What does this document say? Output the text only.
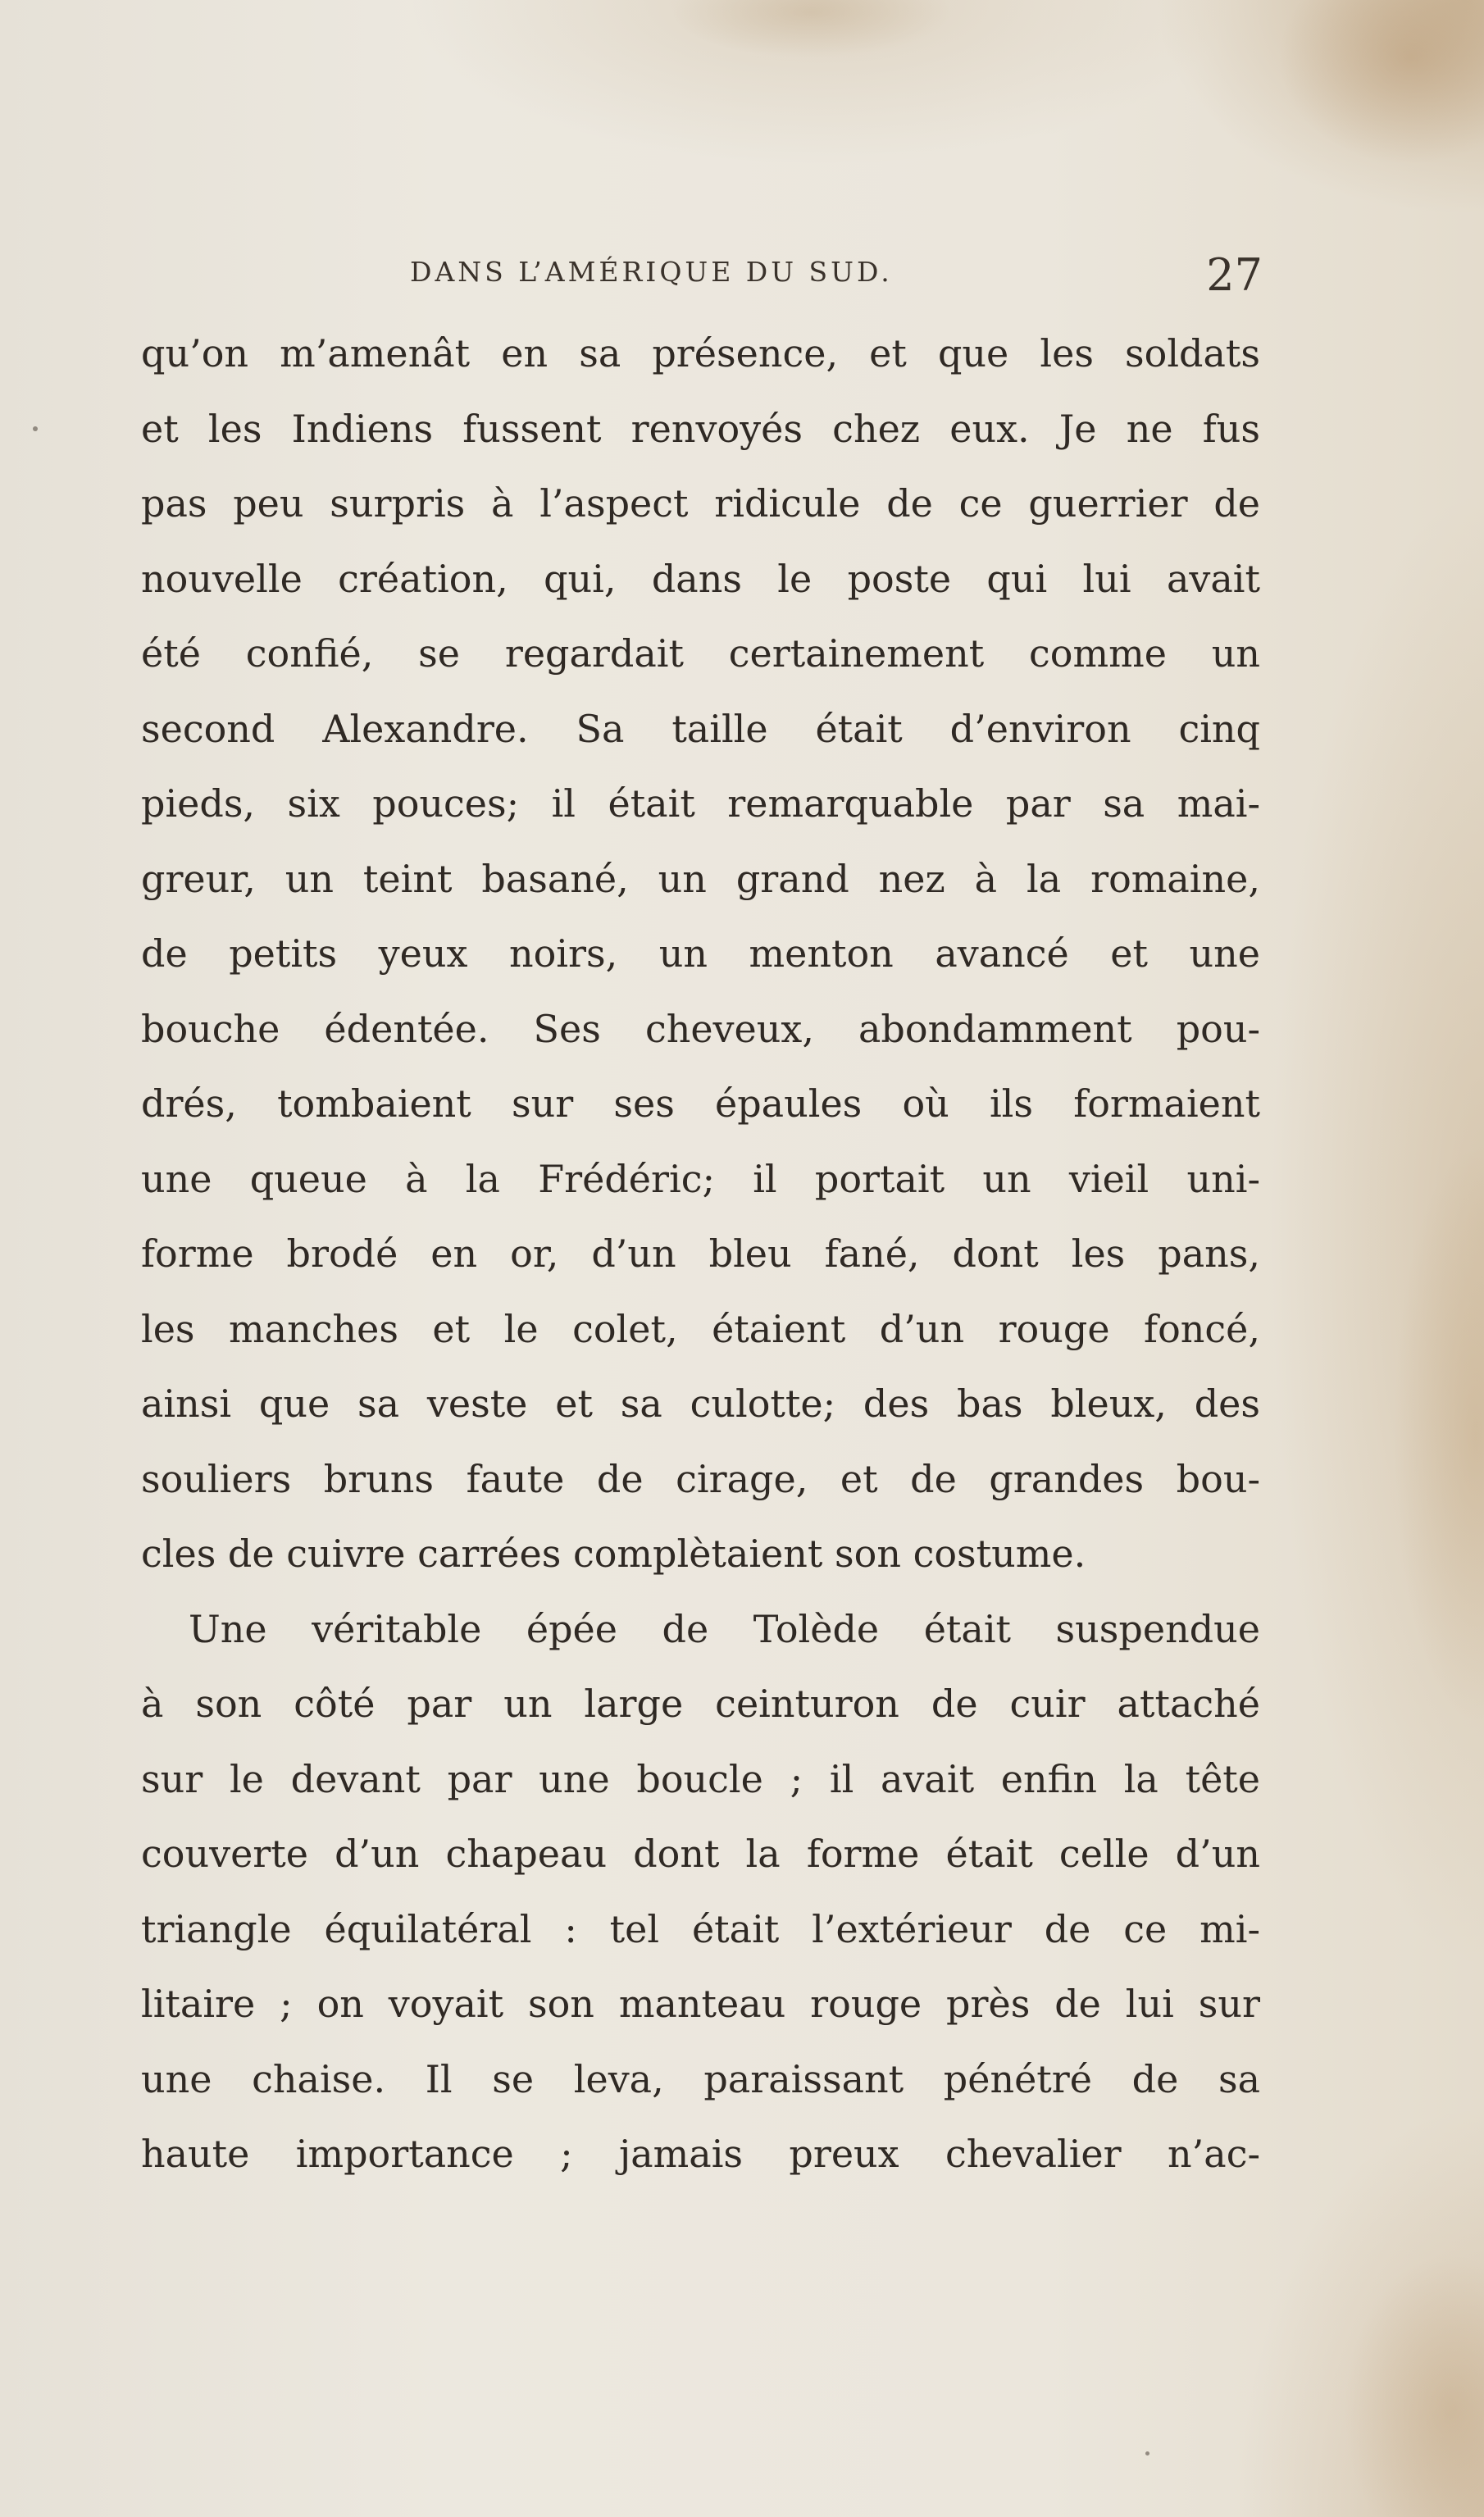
DANS L’AMÉRIQUE DU SUD.	27
qu’on m’amenât en sa présence, et que les soldats
et les Indiens fussent renvoyés chez eux. Je ne fus
pas peu surpris à l’aspect ridicule de ce guerrier de
nouvelle création, qui, dans le poste qui lui avait
été confié, se regardait certainement comme un
second Alexandre. Sa taille était d’environ cinq
pieds, six pouces; il était remarquable par sa mai-
greur, un teint basané, un grand nez à la romaine,
de petits yeux noirs, un menton avancé et une
bouche édentée. Ses cheveux, abondamment pou-
drés, tombaient sur ses épaules où ils formaient
une queue à la Frédéric; il portait un vieil uni-
forme brodé en or, d’un bleu fané, dont les pans,
les manches et le colet, étaient d’un rouge foncé,
ainsi que sa veste et sa culotte; des bas bleux, des
souliers bruns faute de cirage, et de grandes bou-
cles de cuivre carrées complètaient son costume.
Une véritable épée de Tolède était suspendue
à son côté par un large ceinturon de cuir attaché
sur le devant par une boucle ; il avait enfin la tête
couverte d’un chapeau dont la forme était celle d’un
triangle équilatéral : tel était l’extérieur de ce mi-
litaire ; on voyait son manteau rouge près de lui sur
une chaise. Il se leva, paraissant pénétré de sa
haute importance ; jamais preux chevalier n’ac-
